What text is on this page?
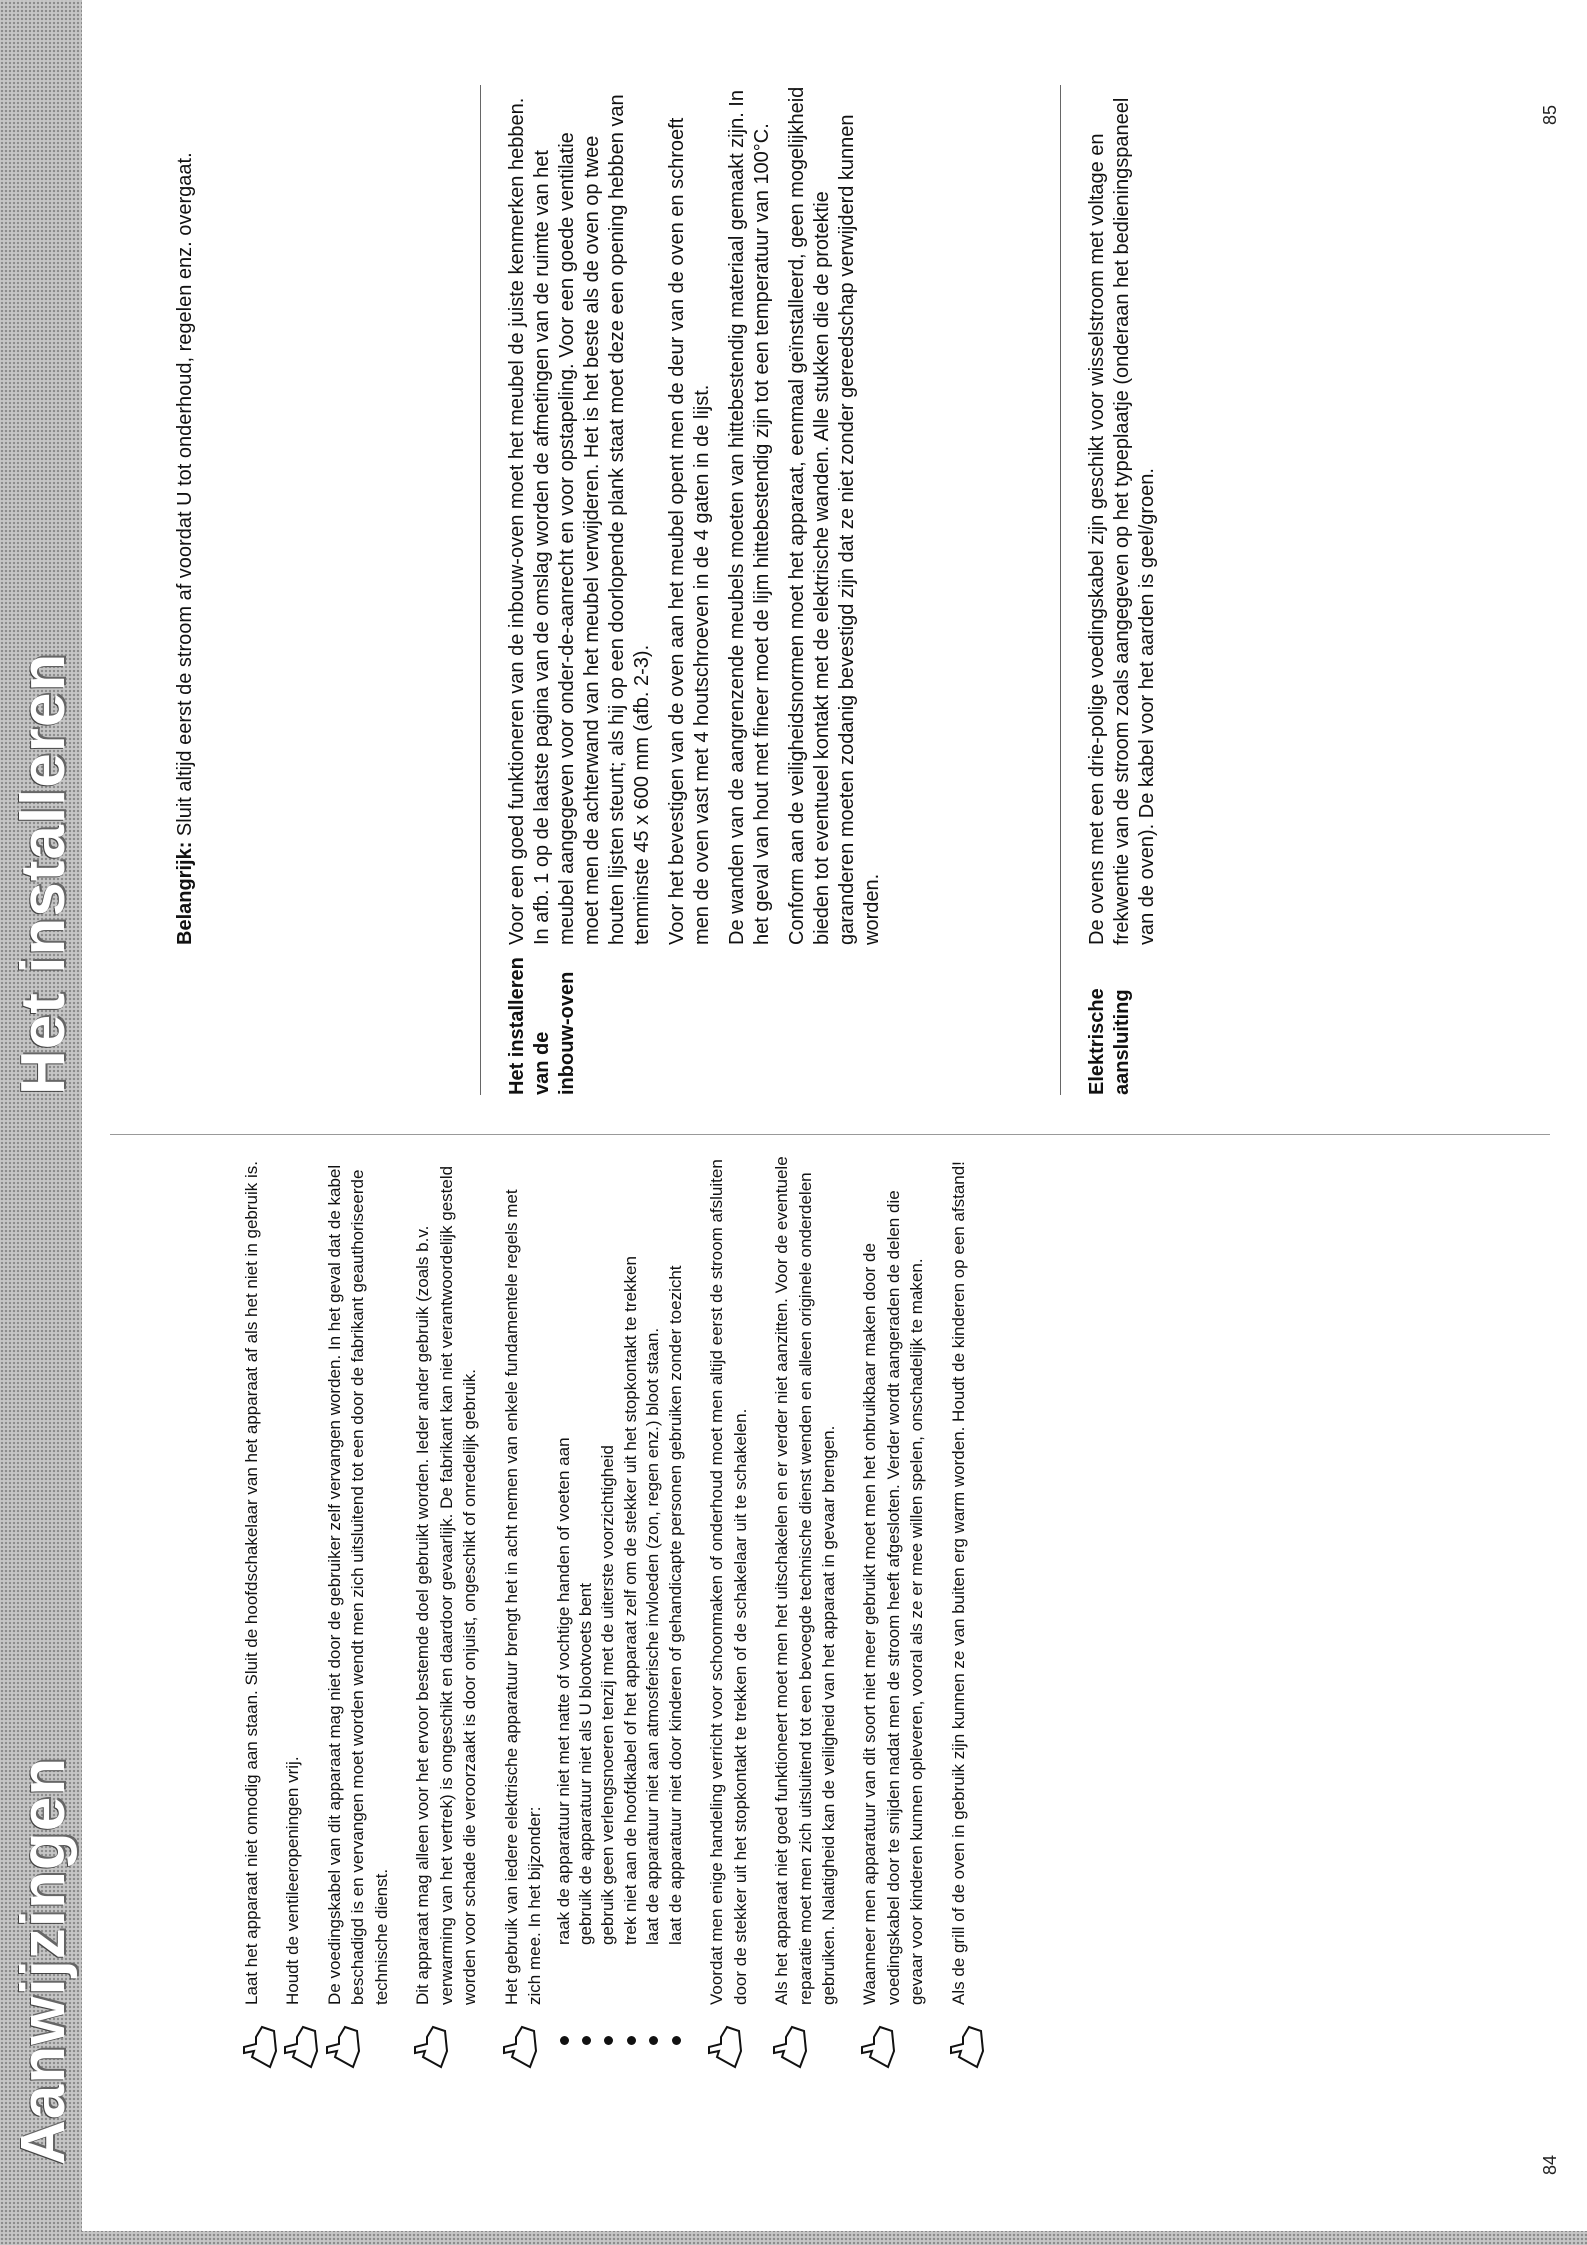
Aanwijzingen
Het installeren
Laat het apparaat niet onnodig aan staan. Sluit de hoofdschakelaar van het apparaat af als het niet in gebruik is. Houdt de ventileeropeningen vrij. De voedingskabel van dit apparaat mag niet door de gebruiker zelf vervangen worden. In het geval dat de kabel beschadigd is en vervangen moet worden wendt men zich uitsluitend tot een door de fabrikant geauthoriseerde technische dienst. Dit apparaat mag alleen voor het ervoor bestemde doel gebruikt worden. Ieder ander gebruik (zoals b.v. verwarming van het vertrek) is ongeschikt en daardoor gevaarlijk. De fabrikant kan niet verantwoordelijk gesteld worden voor schade die veroorzaakt is door onjuist, ongeschikt of onredelijk gebruik. Het gebruik van iedere elektrische apparatuur brengt het in acht nemen van enkele fundamentele regels met zich mee. In het bijzonder: raak de apparatuur niet met natte of vochtige handen of voeten aan gebruik de apparatuur niet als U blootvoets bent gebruik geen verlengsnoeren tenzij met de uiterste voorzichtigheid trek niet aan de hoofdkabel of het apparaat zelf om de stekker uit het stopkontakt te trekken laat de apparatuur niet aan atmosferische invloeden (zon, regen enz.) bloot staan. laat de apparatuur niet door kinderen of gehandicapte personen gebruiken zonder toezicht Voordat men enige handeling verricht voor schoonmaken of onderhoud moet men altijd eerst de stroom afsluiten door de stekker uit het stopkontakt te trekken of de schakelaar uit te schakelen. Als het apparaat niet goed funktioneert moet men het uitschakelen en er verder niet aanzitten. Voor de eventuele reparatie moet men zich uitsluitend tot een bevoegde technische dienst wenden en alleen originele onderdelen gebruiken. Nalatigheid kan de veiligheid van het apparaat in gevaar brengen. Waanneer men apparatuur van dit soort niet meer gebruikt moet men het onbruikbaar maken door de voedingskabel door te snijden nadat men de stroom heeft afgesloten. Verder wordt aangeraden de delen die gevaar voor kinderen kunnen opleveren, vooral als ze er mee willen spelen, onschadelijk te maken. Als de grill of de oven in gebruik zijn kunnen ze van buiten erg warm worden. Houdt de kinderen op een afstand!
Belangrijk: Sluit altijd eerst de stroom af voordat U tot onderhoud, regelen enz. overgaat.
Het installeren van de inbouw-oven

Voor een goed funktioneren van de inbouw-oven moet het meubel de juiste kenmerken hebben. In afb. 1 op de laatste pagina van de omslag worden de afmetingen van de ruimte van het meubel aangegeven voor onder-de-aanrecht en voor opstapeling. Voor een goede ventilatie moet men de achterwand van het meubel verwijderen. Het is het beste als de oven op twee houten lijsten steunt; als hij op een doorlopende plank staat moet deze een opening hebben van tenminste 45 x 600 mm (afb. 2-3). Voor het bevestigen van de oven aan het meubel opent men de deur van de oven en schroeft men de oven vast met 4 houtschroeven in de 4 gaten in de lijst. De wanden van de aangrenzende meubels moeten van hittebestendig materiaal gemaakt zijn. In het geval van hout met fineer moet de lijm hittebestendig zijn tot een temperatuur van 100°C. Conform aan de veiligheidsnormen moet het apparaat, eenmaal geïnstalleerd, geen mogelijkheid bieden tot eventueel kontakt met de elektrische wanden. Alle stukken die de protektie garanderen moeten zodanig bevestigd zijn dat ze niet zonder gereedschap verwijderd kunnen worden.

Elektrische aansluiting

De ovens met een drie-polige voedingskabel zijn geschikt voor wisselstroom met voltage en frekwentie van de stroom zoals aangegeven op het typeplaatje (onderaan het bedieningspaneel van de oven). De kabel voor het aarden is geel/groen.

84
85
